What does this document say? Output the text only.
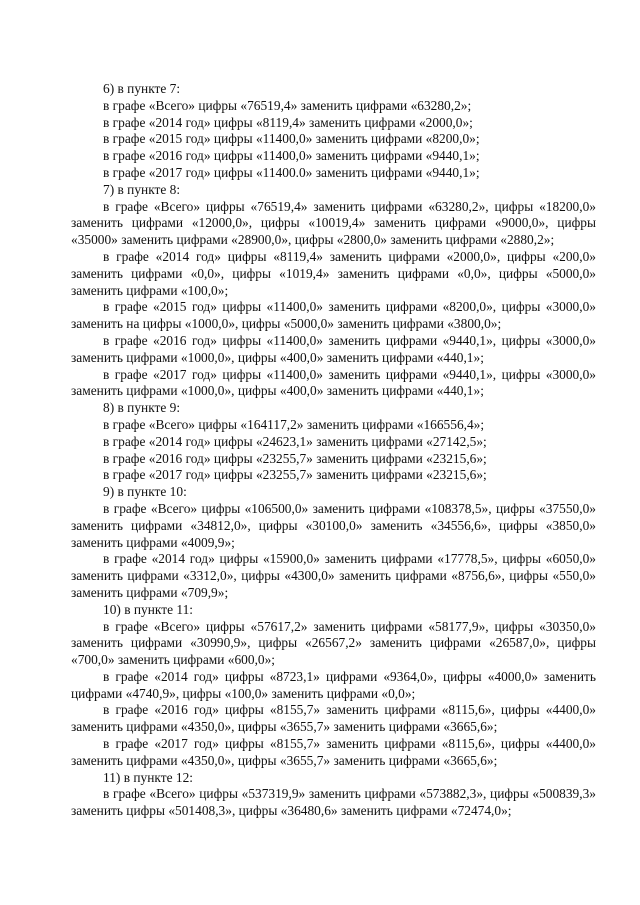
6) в пункте 7:

в графе «Всего» цифры «76519,4» заменить цифрами «63280,2»;

в графе «2014 год» цифры «8119,4» заменить цифрами «2000,0»;

в графе «2015 год» цифры «11400,0» заменить цифрами «8200,0»;

в графе «2016 год» цифры «11400,0» заменить цифрами «9440,1»;

в графе «2017 год» цифры «11400.0» заменить цифрами «9440,1»;

7) в пункте 8:

в графе «Всего» цифры «76519,4» заменить цифрами «63280,2», цифры «18200,0» заменить цифрами «12000,0», цифры «10019,4» заменить цифрами «9000,0», цифры «35000» заменить цифрами «28900,0», цифры «2800,0» заменить цифрами «2880,2»;

в графе «2014 год» цифры «8119,4» заменить цифрами «2000,0», цифры «200,0» заменить цифрами «0,0», цифры «1019,4» заменить цифрами «0,0», цифры «5000,0» заменить цифрами «100,0»;

в графе «2015 год» цифры «11400,0» заменить цифрами «8200,0», цифры «3000,0» заменить на цифры «1000,0», цифры «5000,0» заменить цифрами «3800,0»;

в графе «2016 год» цифры «11400,0» заменить цифрами «9440,1», цифры «3000,0» заменить цифрами «1000,0», цифры «400,0» заменить цифрами «440,1»;

в графе «2017 год» цифры «11400,0» заменить цифрами «9440,1», цифры «3000,0» заменить цифрами «1000,0», цифры «400,0» заменить цифрами «440,1»;

8) в пункте 9:

в графе «Всего» цифры «164117,2» заменить цифрами «166556,4»;

в графе «2014 год» цифры «24623,1» заменить цифрами «27142,5»;

в графе «2016 год» цифры «23255,7» заменить цифрами «23215,6»;

в графе «2017 год» цифры «23255,7» заменить цифрами «23215,6»;

9) в пункте 10:

в графе «Всего» цифры «106500,0» заменить цифрами «108378,5», цифры «37550,0» заменить цифрами «34812,0», цифры «30100,0» заменить «34556,6», цифры «3850,0» заменить цифрами «4009,9»;

в графе «2014 год» цифры «15900,0» заменить цифрами «17778,5», цифры «6050,0» заменить цифрами «3312,0», цифры «4300,0» заменить цифрами «8756,6», цифры «550,0» заменить цифрами «709,9»;

10) в пункте 11:

в графе «Всего» цифры «57617,2» заменить цифрами «58177,9», цифры «30350,0» заменить цифрами «30990,9», цифры «26567,2» заменить цифрами «26587,0», цифры «700,0» заменить цифрами «600,0»;

в графе «2014 год» цифры «8723,1» цифрами «9364,0», цифры «4000,0» заменить цифрами «4740,9», цифры «100,0» заменить цифрами «0,0»;

в графе «2016 год» цифры «8155,7» заменить цифрами «8115,6», цифры «4400,0» заменить цифрами «4350,0», цифры «3655,7» заменить цифрами «3665,6»;

в графе «2017 год» цифры «8155,7» заменить цифрами «8115,6», цифры «4400,0» заменить цифрами «4350,0», цифры «3655,7» заменить цифрами «3665,6»;

11) в пункте 12:

в графе «Всего» цифры «537319,9» заменить цифрами «573882,3», цифры «500839,3» заменить цифры «501408,3», цифры «36480,6» заменить цифрами «72474,0»;
